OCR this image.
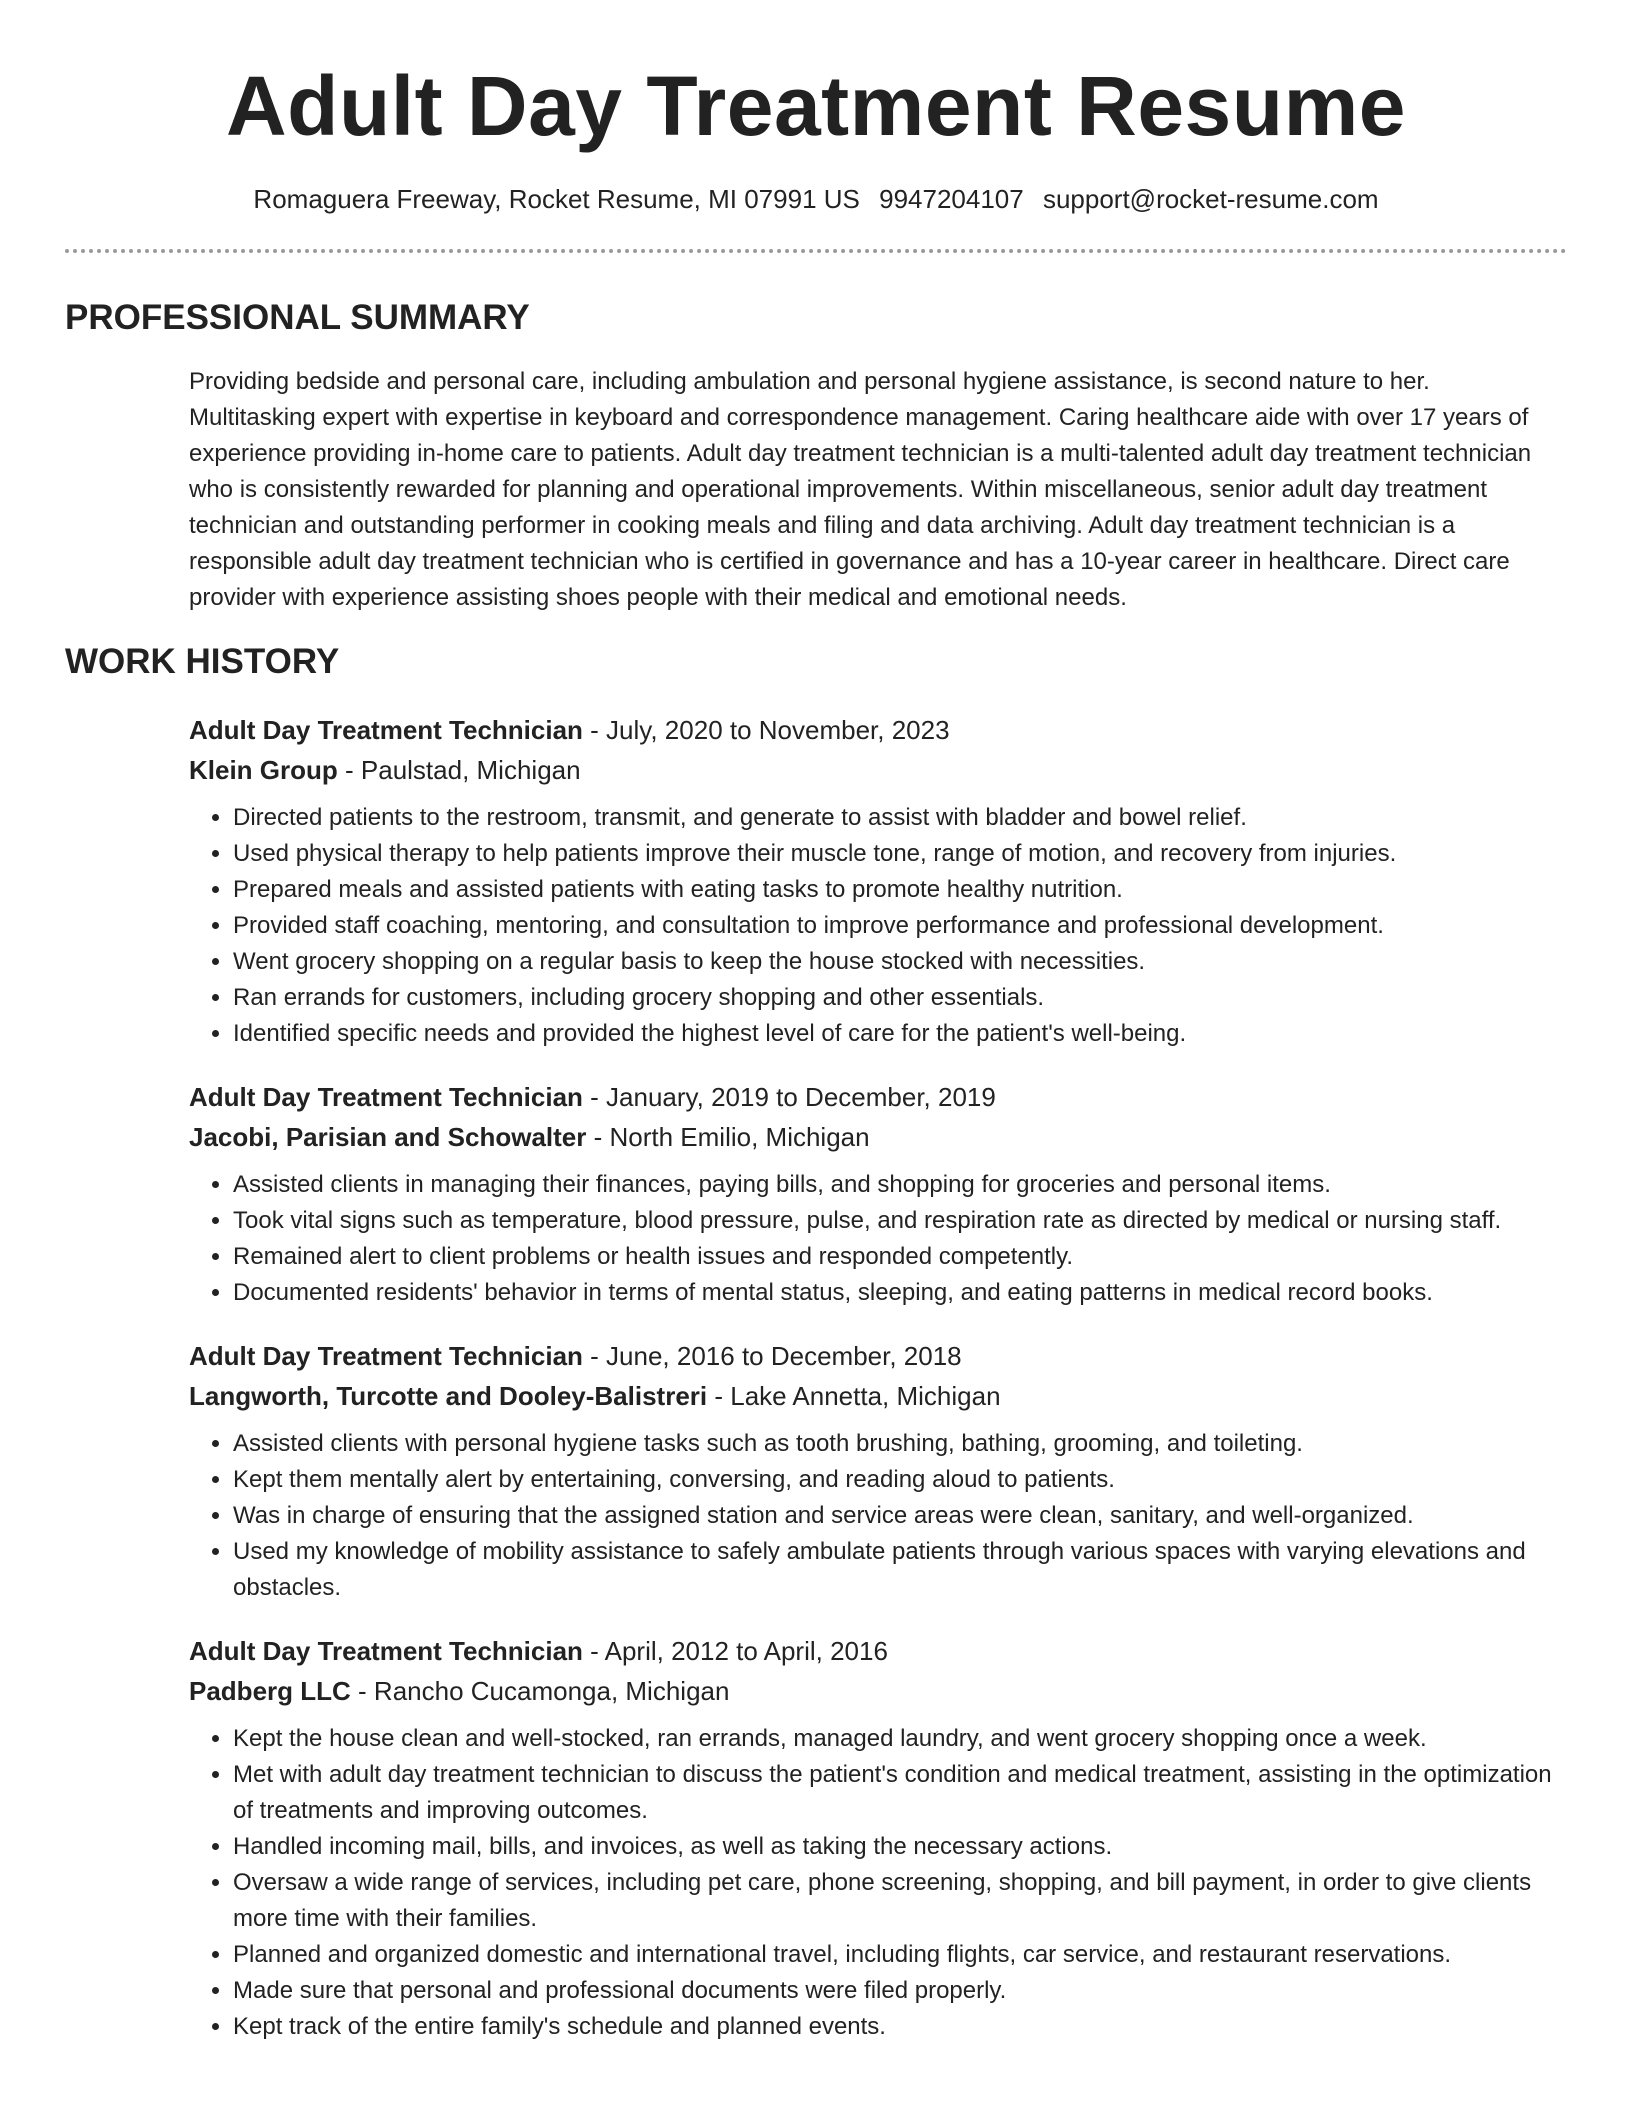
Adult Day Treatment Resume
Romaguera Freeway, Rocket Resume, MI 07991 US 9947204107 support@rocket-resume.com
PROFESSIONAL SUMMARY

Providing bedside and personal care, including ambulation and personal hygiene assistance, is second nature to her. Multitasking expert with expertise in keyboard and correspondence management. Caring healthcare aide with over 17 years of experience providing in-home care to patients. Adult day treatment technician is a multi-talented adult day treatment technician who is consistently rewarded for planning and operational improvements. Within miscellaneous, senior adult day treatment technician and outstanding performer in cooking meals and filing and data archiving. Adult day treatment technician is a responsible adult day treatment technician who is certified in governance and has a 10-year career in healthcare. Direct care provider with experience assisting shoes people with their medical and emotional needs.

WORK HISTORY

Adult Day Treatment Technician - July, 2020 to November, 2023

Klein Group - Paulstad, Michigan

• Directed patients to the restroom, transmit, and generate to assist with bladder and bowel relief.
• Used physical therapy to help patients improve their muscle tone, range of motion, and recovery from injuries.
• Prepared meals and assisted patients with eating tasks to promote healthy nutrition.
• Provided staff coaching, mentoring, and consultation to improve performance and professional development.
• Went grocery shopping on a regular basis to keep the house stocked with necessities.
• Ran errands for customers, including grocery shopping and other essentials.
• Identified specific needs and provided the highest level of care for the patient's well-being.

Adult Day Treatment Technician - January, 2019 to December, 2019

Jacobi, Parisian and Schowalter - North Emilio, Michigan

• Assisted clients in managing their finances, paying bills, and shopping for groceries and personal items.
• Took vital signs such as temperature, blood pressure, pulse, and respiration rate as directed by medical or nursing staff.
• Remained alert to client problems or health issues and responded competently.
• Documented residents' behavior in terms of mental status, sleeping, and eating patterns in medical record books.

Adult Day Treatment Technician - June, 2016 to December, 2018

Langworth, Turcotte and Dooley-Balistreri - Lake Annetta, Michigan

• Assisted clients with personal hygiene tasks such as tooth brushing, bathing, grooming, and toileting.
• Kept them mentally alert by entertaining, conversing, and reading aloud to patients.
• Was in charge of ensuring that the assigned station and service areas were clean, sanitary, and well-organized.
• Used my knowledge of mobility assistance to safely ambulate patients through various spaces with varying elevations and obstacles.

Adult Day Treatment Technician - April, 2012 to April, 2016

Padberg LLC - Rancho Cucamonga, Michigan

• Kept the house clean and well-stocked, ran errands, managed laundry, and went grocery shopping once a week.
• Met with adult day treatment technician to discuss the patient's condition and medical treatment, assisting in the optimization of treatments and improving outcomes.
• Handled incoming mail, bills, and invoices, as well as taking the necessary actions.
• Oversaw a wide range of services, including pet care, phone screening, shopping, and bill payment, in order to give clients more time with their families.
• Planned and organized domestic and international travel, including flights, car service, and restaurant reservations.
• Made sure that personal and professional documents were filed properly.
• Kept track of the entire family's schedule and planned events.
